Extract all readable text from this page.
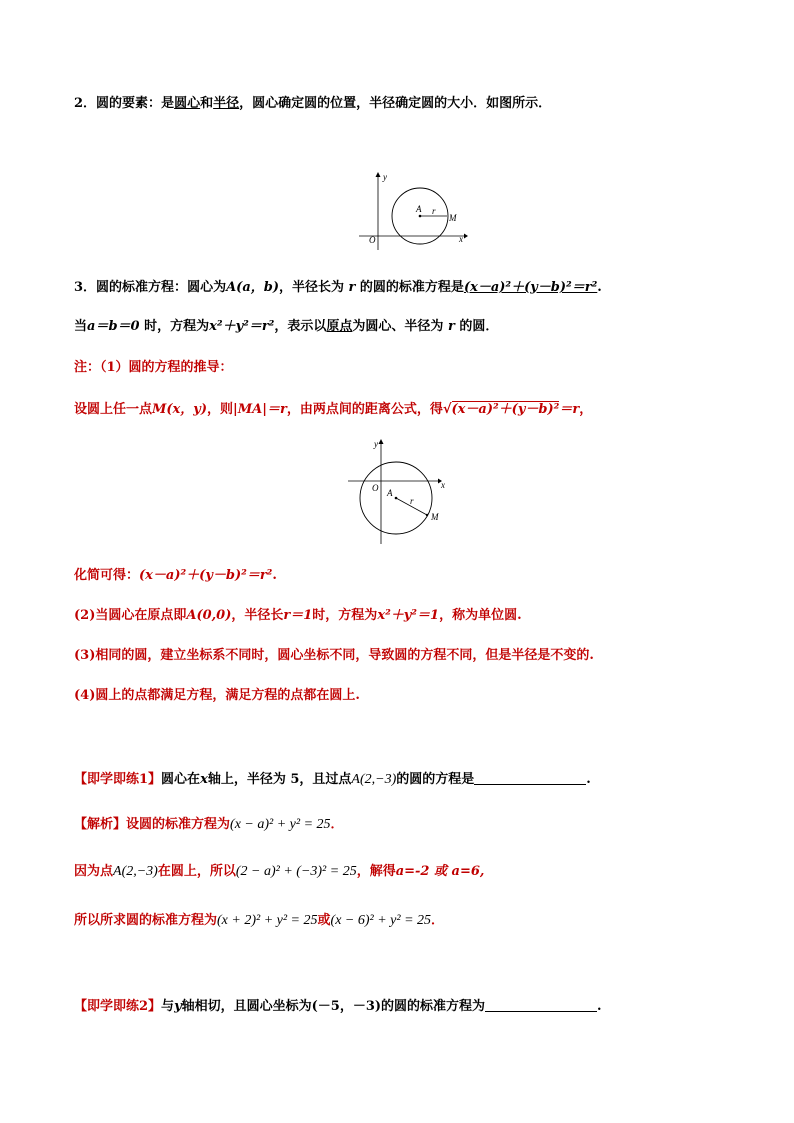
2．圆的要素：是圆心和半径，圆心确定圆的位置，半径确定圆的大小．如图所示．
y
x
O
A r
M
3．圆的标准方程：圆心为A(a，b)，半径长为 r 的圆的标准方程是(x－a)²＋(y－b)²＝r².
当a＝b＝0 时，方程为x²＋y²＝r²，表示以原点为圆心、半径为 r 的圆．
注：（1）圆的方程的推导：
设圆上任一点M(x，y)，则|MA|＝r，由两点间的距离公式，得√(x－a)²＋(y－b)²＝r，
y
x
O A
r
M
化简可得：(x－a)²＋(y－b)²＝r².
(2)当圆心在原点即A(0,0)，半径长r＝1时，方程为x²＋y²＝1，称为单位圆.
(3)相同的圆，建立坐标系不同时，圆心坐标不同，导致圆的方程不同，但是半径是不变的.
(4)圆上的点都满足方程，满足方程的点都在圆上.
【即学即练1】圆心在x轴上，半径为 5，且过点A(2,−3)的圆的方程是	.
【解析】设圆的标准方程为(x − a)² + y² = 25．
因为点A(2,−3)在圆上，所以(2 − a)² + (−3)² = 25，解得a=-2 或 a=6,
所以所求圆的标准方程为(x + 2)² + y² = 25或(x − 6)² + y² = 25．
【即学即练2】与y轴相切，且圆心坐标为(－5，－3)的圆的标准方程为	.
